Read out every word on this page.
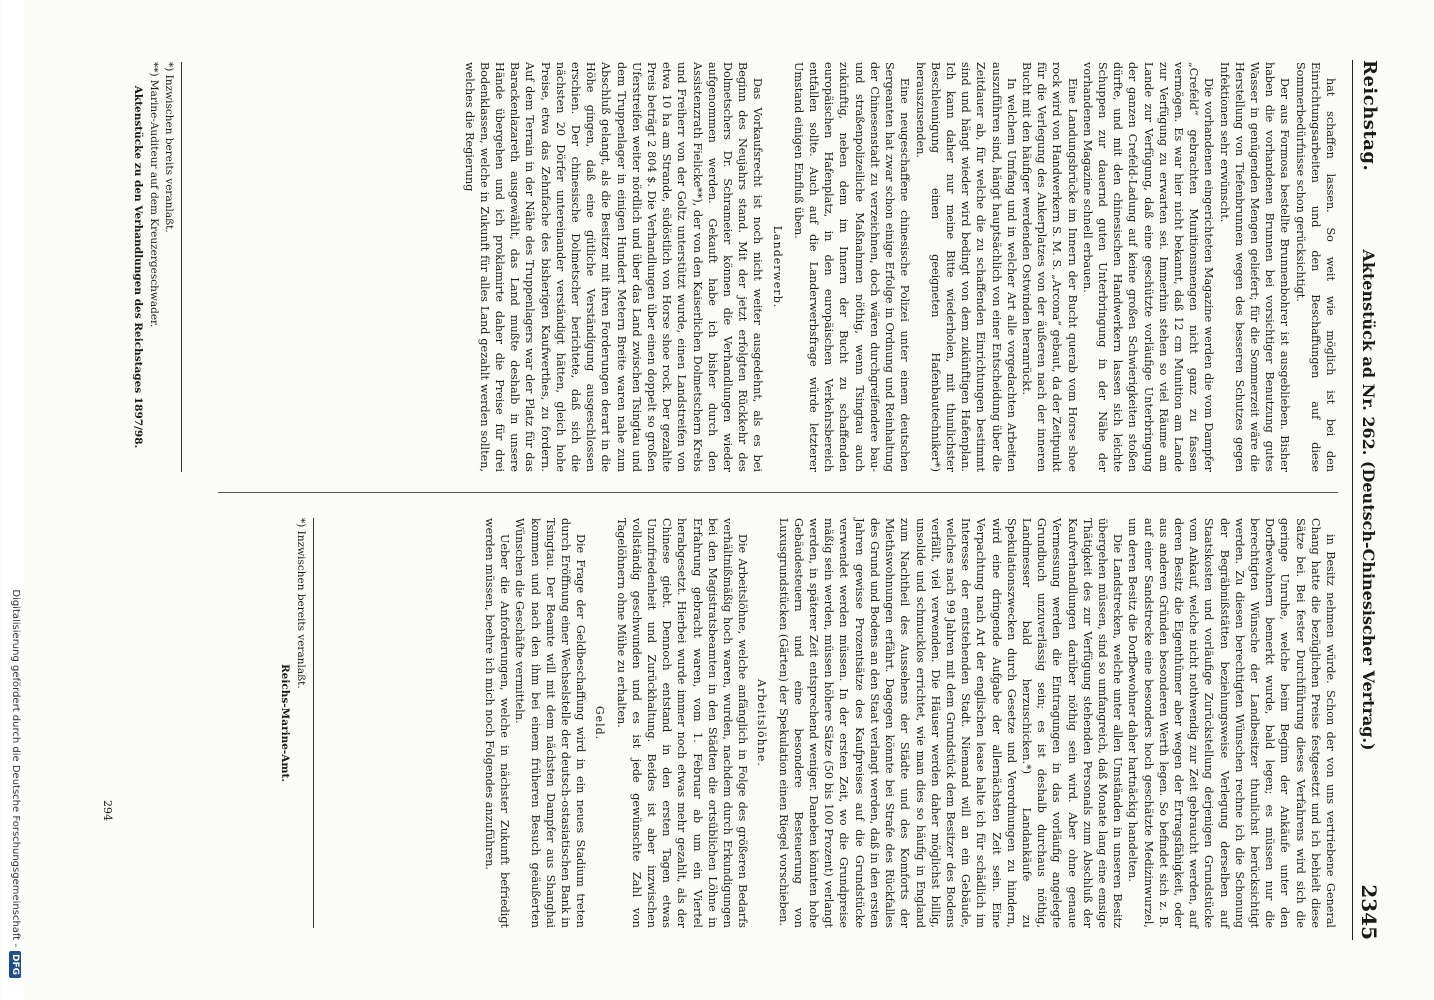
Reichstag.
Aktenstück ad Nr. 262. (Deutsch-Chinesischer Vertrag.)
2345

hat schaffen lassen. So weit wie möglich ist bei den Einrichtungsarbeiten und den Beschaffungen auf diese Sommerbedürfnisse schon gerücksichtigt.

Der aus Formosa bestellte Brunnenbohrer ist ausgeblieben. Bisher haben die vorhandenen Brunnen bei vorsichtiger Benutzung gutes Wasser in genügenden Mengen geliefert; für die Sommerzeit wäre die Herstellung von Tiefenbrunnen wegen des besseren Schutzes gegen Infektionen sehr erwünscht.

Die vorhandenen eingerichteten Magazine werden die vom Dampfer „Crefeld“ gebrachten Munitionsmengen nicht ganz zu fassen vermögen. Es war hier nicht bekannt, daß 12 cm Munition am Lande zur Verfügung zu erwarten sei. Immerhin stehen so viel Räume am Lande zur Verfügung, daß eine geschützte vorläufige Unterbringung der ganzen Crefeld-Ladung auf keine großen Schwierigkeiten stoßen dürfte, und mit den chinesischen Handwerkern lassen sich leichte Schuppen zur dauernd guten Unterbringung in der Nähe der vorhandenen Magazine schnell erbauen.

Eine Landungsbrücke im Innern der Bucht querab vom Horse shoe rock wird von Handwerkern S. M. S. „Arcona“ gebaut, da der Zeitpunkt für die Verlegung des Ankerplatzes von der äußeren nach der inneren Bucht mit den häufiger werdenden Ostwinden heranrückt.

In welchem Umfang und in welcher Art alle vorgedachten Arbeiten auszuführen sind, hängt hauptsächlich von einer Entscheidung über die Zeitdauer ab, für welche die zu schaffenden Einrichtungen bestimmt sind und hängt wieder wird bedingt von dem zukünftigen Hafenplan. Ich kann daher nur meine Bitte wiederholen, mit thunlichster Beschleunigung einen geeigneten Hafenbautechniker*) herauszusenden.

Eine neugeschaffene chinesische Polizei unter einem deutschen Sergeanten hat zwar schon einige Erfolge in Ordnung und Reinhaltung der Chinesenstadt zu verzeichnen, doch wären durchgreifendere bau- und straßenpolizeiliche Maßnahmen nöthig, wenn Tsingtau auch zukünftig, neben dem im Innern der Bucht zu schaffenden europäischen Hafenplatz, in den europäischen Verkehrsbereich entfallen sollte. Auch auf die Landerwerbsfrage würde letzterer Umstand einigen Einfluß üben.

Landerwerb.

Das Vorkaufsrecht ist noch nicht weiter ausgedehnt, als es bei Beginn des Neujahrs stand. Mit der jetzt erfolgten Rückkehr des Dolmetschers Dr. Schrameier können die Verhandlungen wieder aufgenommen werden. Gekauft habe ich bisher durch den Assistenzrath Fielicke**), der von den Kaiserlichen Dolmetschern Krebs und Freiherr von der Goltz unterstützt wurde, einen Landstreifen von etwa 10 ha am Strande, südöstlich von Horse shoe rock. Der gezahlte Preis beträgt 2 804 $. Die Verhandlungen über einen doppelt so großen Uferstreifen weiter nördlich und über das Land zwischen Tsingtau und dem Truppenlager in einigen Hundert Metern Breite waren nahe zum Abschluß gelangt, als die Besitzer mit ihren Forderungen derart in die Höhe gingen, daß eine gütliche Verständigung ausgeschlossen erschien. Der chinesische Dolmetscher berichtete, daß sich die nächsten 20 Dörfer untereinander verständigt hätten, gleich hohe Preise, etwa das Zehnfache des bisherigen Kaufwerthes, zu fordern. Auf dem Terrain in der Nähe des Truppenlagers war der Platz für das Barackenlazareth ausgewählt, das Land mußte deshalb in unsere Hände übergehen und ich proklamirte daher die Preise für drei Bodenklassen, welche in Zukunft für alles Land gezahlt werden sollten, welches die Regierung

*) Inzwischen bereits veranlaßt.
**) Marine-Auditeur auf dem Kreuzergeschwader.
Aktenstücke zu den Verhandlungen des Reichstages 1897/98.

in Besitz nehmen würde. Schon der von uns vertriebene General Chang hatte die bezüglichen Preise festgesetzt und ich behielt diese Sätze bei. Bei fester Durchführung dieses Verfahrens wird sich die geringe Unruhe, welche beim Beginn der Ankäufe unter den Dorfbewohnern bemerkt wurde, bald legen; es müssen nur die berechtigten Wünsche der Landbesitzer thunlichst berücksichtigt werden. Zu diesen berechtigten Wünschen rechne ich die Schonung der Begräbnißstätten beziehungsweise Verlegung derselben auf Staatskosten und vorläufige Zurückstellung derjenigen Grundstücke vom Ankauf, welche nicht nothwendig zur Zeit gebraucht werden, auf deren Besitz die Eigenthümer aber wegen der Ertragsfähigkeit, oder aus anderen Gründen besonderen Werth legen. So befindet sich z. B. auf einer Sandstrecke eine besonders hoch geschätzte Medizinwurzel, um deren Besitz die Dorfbewohner daher hartnäckig handelten.

Die Landstrecken, welche unter allen Umständen in unseren Besitz übergehen müssen, sind so umfangreich, daß Monate lang eine emsige Thätigkeit des zur Verfügung stehenden Personals zum Abschluß der Kaufverhandlungen darüber nöthig sein wird. Aber ohne genaue Vermessung werden die Eintragungen in das vorläufig angelegte Grundbuch unzuverlässig sein; es ist deshalb durchaus nöthig, Landmesser bald herzuschicken.*) Landankäufe zu Spekulationszwecken durch Gesetze und Verordnungen zu hindern, wird eine dringende Aufgabe der allernächsten Zeit sein. Eine Verpachtung nach Art der englischen lease halte ich für schädlich im Interesse der entstehenden Stadt. Niemand will an ein Gebäude, welches nach 99 Jahren mit dem Grundstück dem Besitzer des Bodens verfällt, viel verwenden. Die Häuser werden daher möglichst billig, unsolide und schmucklos errichtet, wie man dies so häufig in England zum Nachtheil des Aussehens der Städte und des Komforts der Miethswohnungen erfährt. Dagegen könnte bei Strafe des Rückfalles des Grund und Bodens an den Staat verlangt werden, daß in den ersten Jahren gewisse Prozentsätze des Kaufpreises auf die Grundstücke verwendet werden müssen. In der ersten Zeit, wo die Grundpreise mäßig sein werden, müssen höhere Sätze (50 bis 100 Prozent) verlangt werden, in späterer Zeit entsprechend weniger. Daneben könnten hohe Gebäudesteuern und eine besondere Besteuerung von Luxusgrundstücken (Gärten) der Spekulation einen Riegel vorschieben.

Arbeitslöhne.

Die Arbeitslöhne, welche anfänglich in Folge des größeren Bedarfs verhältnißmäßig hoch waren, wurden, nachdem durch Erkundigungen bei den Magistratsbeamten in den Städten die ortsüblichen Löhne in Erfahrung gebracht waren, vom 1. Februar ab um ein Viertel herabgesetzt. Hierbei wurde immer noch etwas mehr gezahlt, als der Chinese giebt. Dennoch entstand in den ersten Tagen etwas Unzufriedenheit und Zurückhaltung. Beides ist aber inzwischen vollständig geschwunden und es ist jede gewünschte Zahl von Tagelöhnern ohne Mühe zu erhalten.

Geld.

Die Frage der Geldbeschaffung wird in ein neues Stadium treten durch Eröffnung einer Wechselstelle der deutsch-ostasiatischen Bank in Tsingtau. Der Beamte will mit dem nächsten Dampfer aus Shanghai kommen und nach den ihm bei einem früheren Besuch geäußerten Wünschen die Geschäfte vermitteln.

Ueber die Anforderungen, welche in nächster Zukunft befriedigt werden müssen, beehre ich mich noch Folgendes anzuführen.

*) Inzwischen bereits veranlaßt.
Reichs-Marine-Amt.
294
Digitalisierung gefördert durch die Deutsche Forschungsgemeinschaft -DFG
